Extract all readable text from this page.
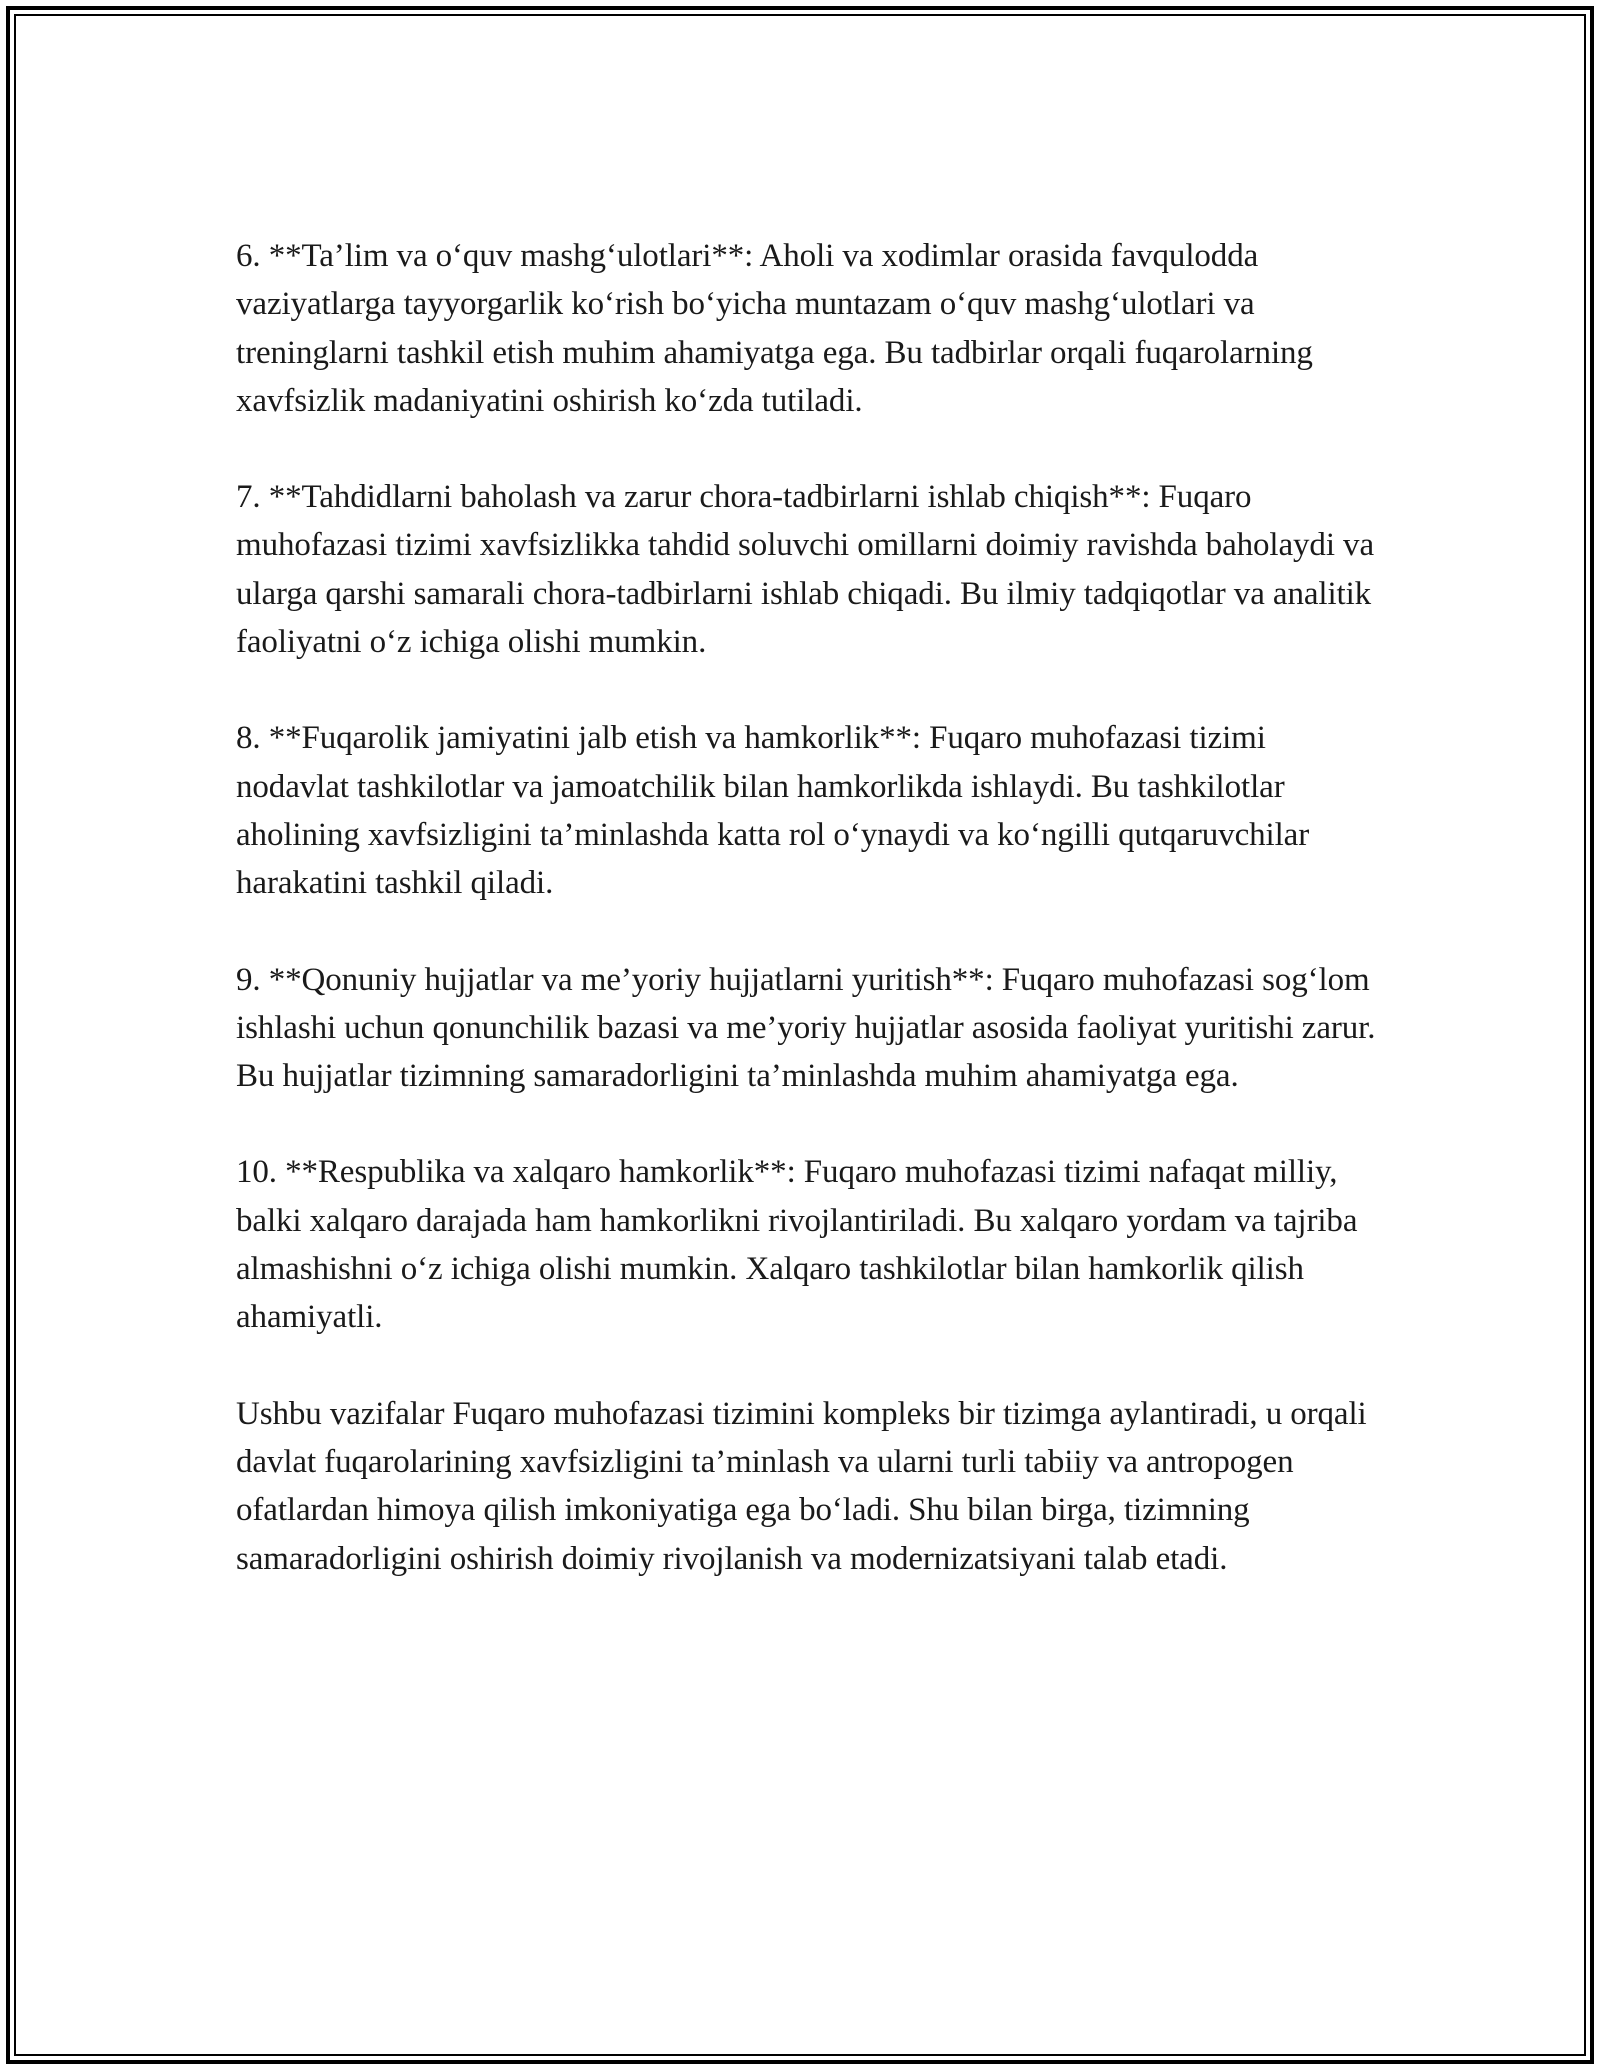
6. **Ta’lim va o‘quv mashg‘ulotlari**: Aholi va xodimlar orasida favqulodda vaziyatlarga tayyorgarlik ko‘rish bo‘yicha muntazam o‘quv mashg‘ulotlari va treninglarni tashkil etish muhim ahamiyatga ega. Bu tadbirlar orqali fuqarolarning xavfsizlik madaniyatini oshirish ko‘zda tutiladi.

7. **Tahdidlarni baholash va zarur chora-tadbirlarni ishlab chiqish**: Fuqaro muhofazasi tizimi xavfsizlikka tahdid soluvchi omillarni doimiy ravishda baholaydi va ularga qarshi samarali chora-tadbirlarni ishlab chiqadi. Bu ilmiy tadqiqotlar va analitik faoliyatni o‘z ichiga olishi mumkin.

8. **Fuqarolik jamiyatini jalb etish va hamkorlik**: Fuqaro muhofazasi tizimi nodavlat tashkilotlar va jamoatchilik bilan hamkorlikda ishlaydi. Bu tashkilotlar aholining xavfsizligini ta’minlashda katta rol o‘ynaydi va ko‘ngilli qutqaruvchilar harakatini tashkil qiladi.

9. **Qonuniy hujjatlar va me’yoriy hujjatlarni yuritish**: Fuqaro muhofazasi sog‘lom ishlashi uchun qonunchilik bazasi va me’yoriy hujjatlar asosida faoliyat yuritishi zarur. Bu hujjatlar tizimning samaradorligini ta’minlashda muhim ahamiyatga ega.

10. **Respublika va xalqaro hamkorlik**: Fuqaro muhofazasi tizimi nafaqat milliy, balki xalqaro darajada ham hamkorlikni rivojlantiriladi. Bu xalqaro yordam va tajriba almashishni o‘z ichiga olishi mumkin. Xalqaro tashkilotlar bilan hamkorlik qilish ahamiyatli.

Ushbu vazifalar Fuqaro muhofazasi tizimini kompleks bir tizimga aylantiradi, u orqali davlat fuqarolarining xavfsizligini ta’minlash va ularni turli tabiiy va antropogen ofatlardan himoya qilish imkoniyatiga ega bo‘ladi. Shu bilan birga, tizimning samaradorligini oshirish doimiy rivojlanish va modernizatsiyani talab etadi.
